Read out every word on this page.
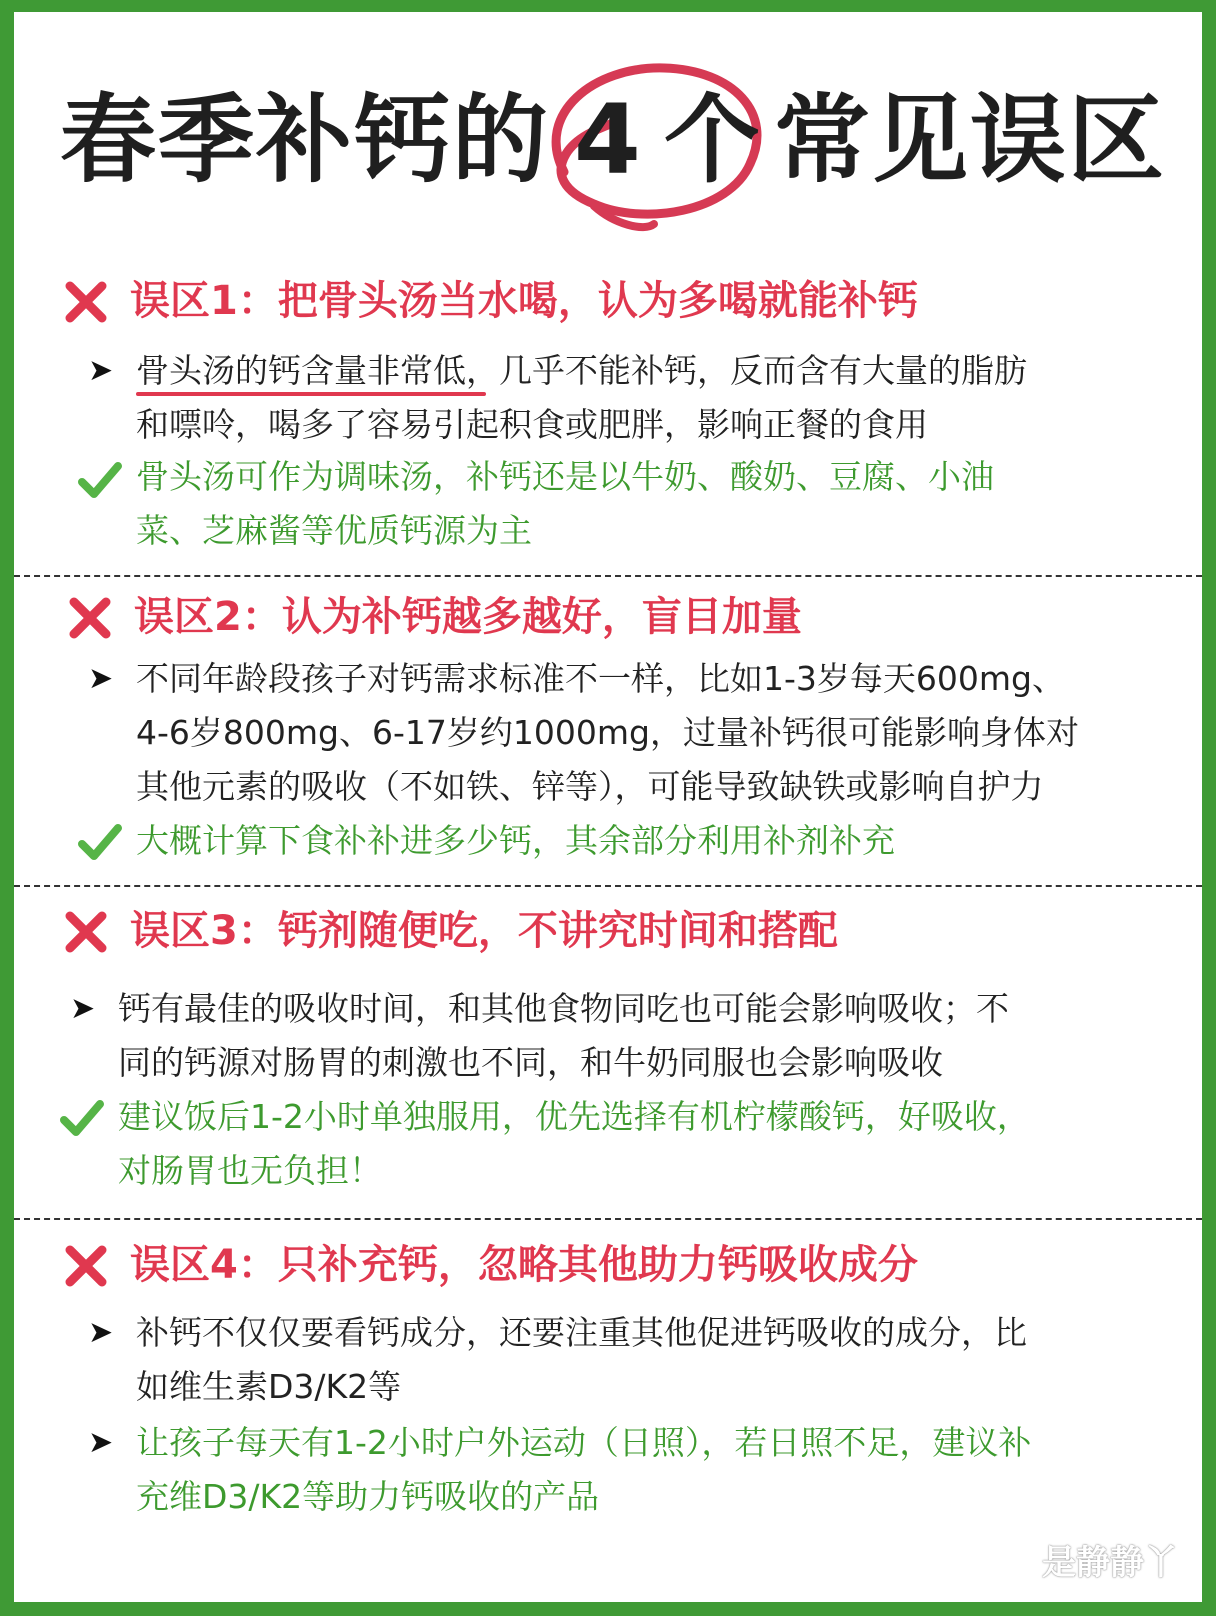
春季补钙的 4 个 常见误区
误区1：把骨头汤当水喝，认为多喝就能补钙
➤ 骨头汤的钙含量非常低，几乎不能补钙，反而含有大量的脂肪
和嘌呤，喝多了容易引起积食或肥胖，影响正餐的食用
骨头汤可作为调味汤，补钙还是以牛奶、酸奶、豆腐、小油
菜、芝麻酱等优质钙源为主
误区2：认为补钙越多越好，盲目加量
➤ 不同年龄段孩子对钙需求标准不一样，比如1-3岁每天600mg、
4-6岁800mg、6-17岁约1000mg，过量补钙很可能影响身体对
其他元素的吸收（不如铁、锌等），可能导致缺铁或影响自护力
大概计算下食补补进多少钙，其余部分利用补剂补充
误区3：钙剂随便吃，不讲究时间和搭配
➤ 钙有最佳的吸收时间，和其他食物同吃也可能会影响吸收；不
同的钙源对肠胃的刺激也不同，和牛奶同服也会影响吸收
建议饭后1-2小时单独服用，优先选择有机柠檬酸钙，好吸收，
对肠胃也无负担！
误区4：只补充钙，忽略其他助力钙吸收成分
➤ 补钙不仅仅要看钙成分，还要注重其他促进钙吸收的成分，比
如维生素D3/K2等
➤ 让孩子每天有1-2小时户外运动（日照），若日照不足，建议补
充维D3/K2等助力钙吸收的产品
是静静丫
